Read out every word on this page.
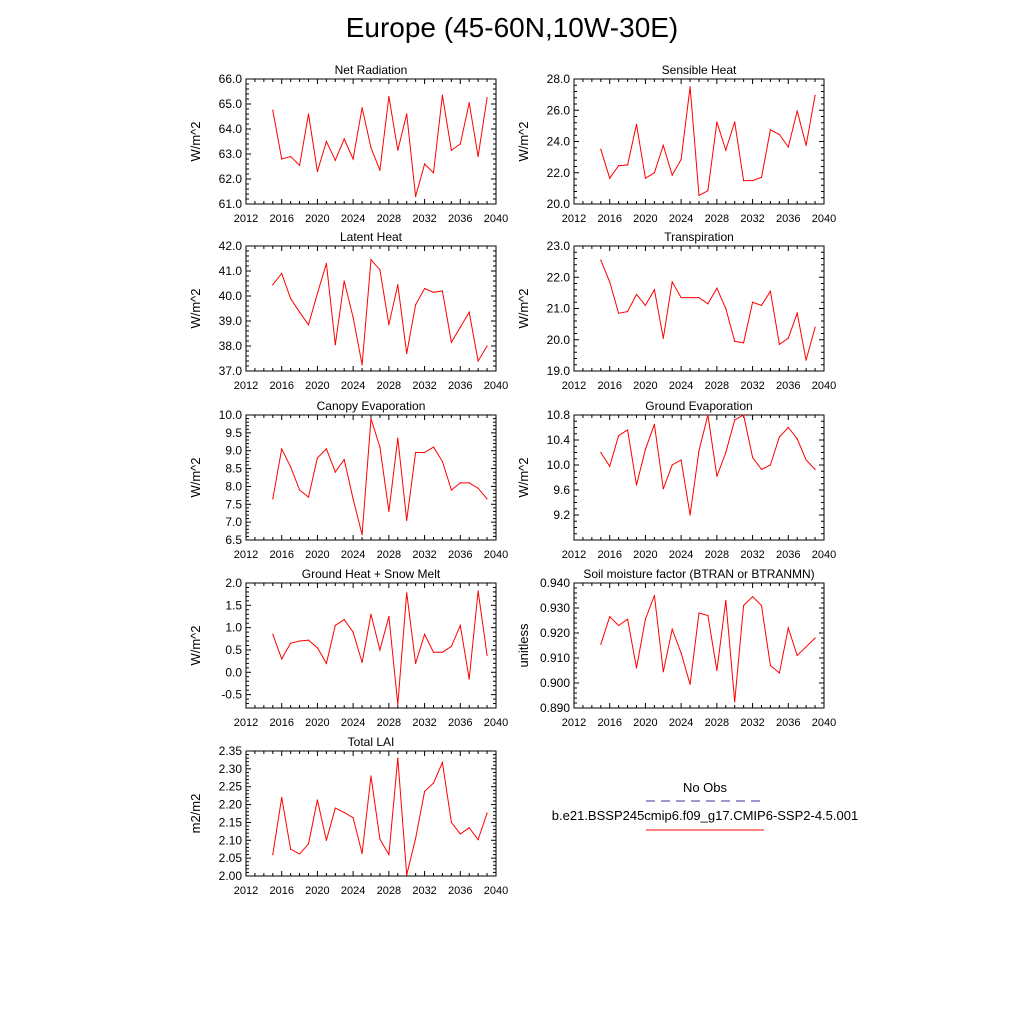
Europe (45-60N,10W-30E)
Net Radiation
2012 2016 2020 2024 2028 2032 2036 2040
61.0
62.0
63.0
64.0
65.0
66.0
W/m^2
Sensible Heat
2012 2016 2020 2024 2028 2032 2036 2040
20.0
22.0
24.0
26.0
28.0
W/m^2
Latent Heat
2012 2016 2020 2024 2028 2032 2036 2040
37.0
38.0
39.0
40.0
41.0
42.0
W/m^2
Transpiration
2012 2016 2020 2024 2028 2032 2036 2040
19.0
20.0
21.0
22.0
23.0
W/m^2
Canopy Evaporation
2012 2016 2020 2024 2028 2032 2036 2040
6.5
7.0
7.5
8.0
8.5
9.0
9.5
10.0
W/m^2
Ground Evaporation
2012 2016 2020 2024 2028 2032 2036 2040
9.2
9.6
10.0
10.4
10.8
W/m^2
Ground Heat + Snow Melt
2012 2016 2020 2024 2028 2032 2036 2040
-0.5
0.0
0.5
1.0
1.5
2.0
W/m^2
Soil moisture factor (BTRAN or BTRANMN)
2012 2016 2020 2024 2028 2032 2036 2040
0.890
0.900
0.910
0.920
0.930
0.940
unitless
Total LAI
2012 2016 2020 2024 2028 2032 2036 2040
2.00
2.05
2.10
2.15
2.20
2.25
2.30
2.35
m2/m2
No Obs
b.e21.BSSP245cmip6.f09_g17.CMIP6-SSP2-4.5.001
